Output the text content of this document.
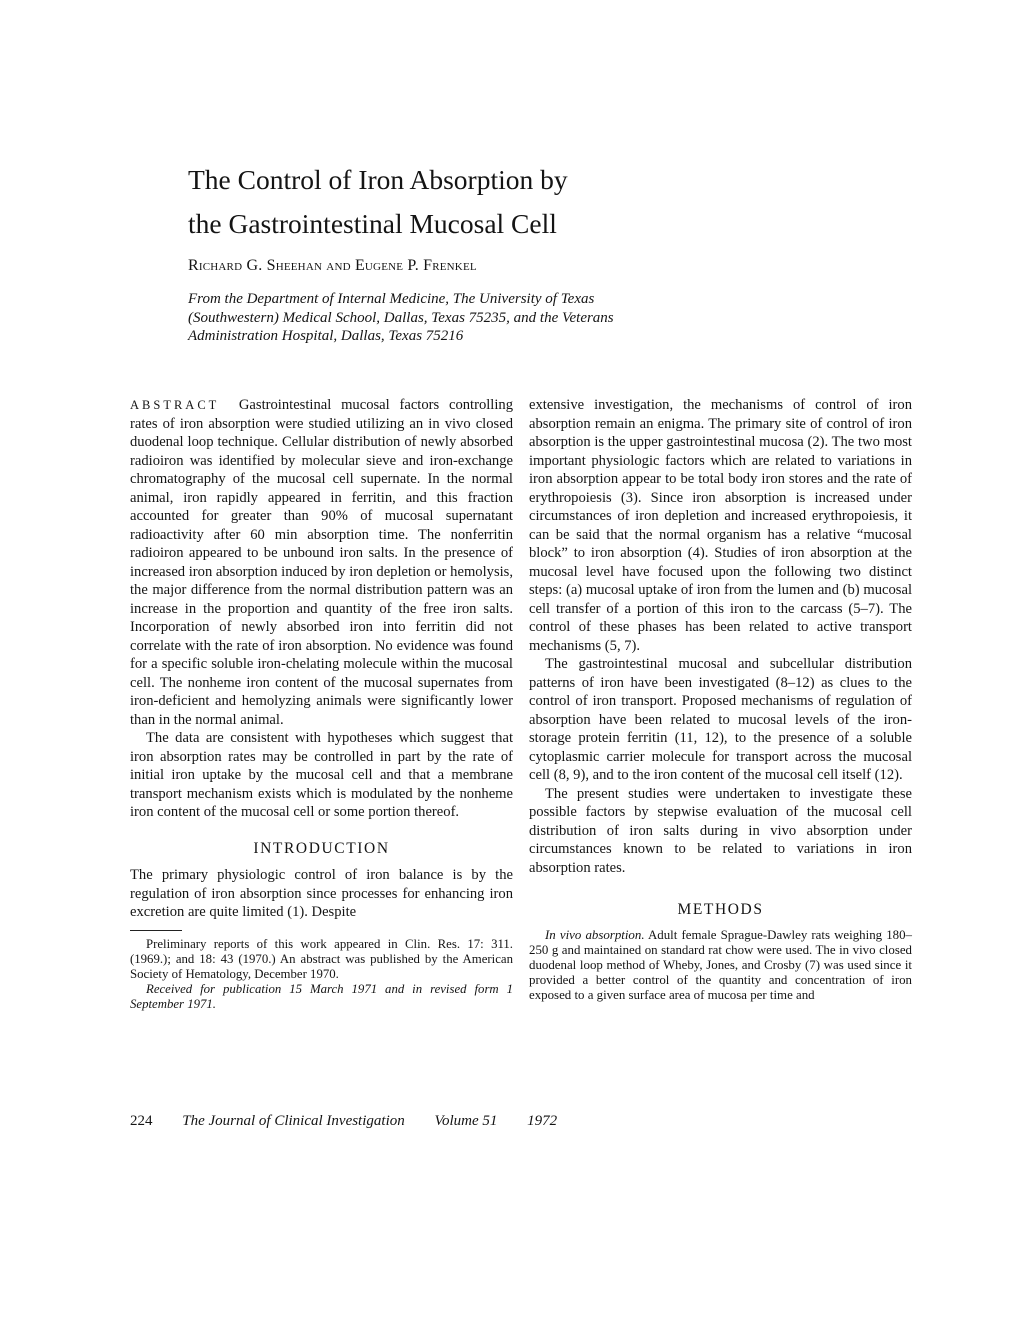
The Control of Iron Absorption by
the Gastrointestinal Mucosal Cell
Richard G. Sheehan and Eugene P. Frenkel
From the Department of Internal Medicine, The University of Texas (Southwestern) Medical School, Dallas, Texas 75235, and the Veterans Administration Hospital, Dallas, Texas 75216

ABSTRACT Gastrointestinal mucosal factors controlling rates of iron absorption were studied utilizing an in vivo closed duodenal loop technique. Cellular distribution of newly absorbed radioiron was identified by molecular sieve and iron-exchange chromatography of the mucosal cell supernate. In the normal animal, iron rapidly appeared in ferritin, and this fraction accounted for greater than 90% of mucosal supernatant radioactivity after 60 min absorption time. The nonferritin radioiron appeared to be unbound iron salts. In the presence of increased iron absorption induced by iron depletion or hemolysis, the major difference from the normal distribution pattern was an increase in the proportion and quantity of the free iron salts. Incorporation of newly absorbed iron into ferritin did not correlate with the rate of iron absorption. No evidence was found for a specific soluble iron-chelating molecule within the mucosal cell. The nonheme iron content of the mucosal supernates from iron-deficient and hemolyzing animals were significantly lower than in the normal animal.

The data are consistent with hypotheses which suggest that iron absorption rates may be controlled in part by the rate of initial iron uptake by the mucosal cell and that a membrane transport mechanism exists which is modulated by the nonheme iron content of the mucosal cell or some portion thereof.

INTRODUCTION

The primary physiologic control of iron balance is by the regulation of iron absorption since processes for enhancing iron excretion are quite limited (1). Despite

Preliminary reports of this work appeared in Clin. Res. 17: 311. (1969.); and 18: 43 (1970.) An abstract was published by the American Society of Hematology, December 1970.

Received for publication 15 March 1971 and in revised form 1 September 1971.

extensive investigation, the mechanisms of control of iron absorption remain an enigma. The primary site of control of iron absorption is the upper gastrointestinal mucosa (2). The two most important physiologic factors which are related to variations in iron absorption appear to be total body iron stores and the rate of erythropoiesis (3). Since iron absorption is increased under circumstances of iron depletion and increased erythropoiesis, it can be said that the normal organism has a relative “mucosal block” to iron absorption (4). Studies of iron absorption at the mucosal level have focused upon the following two distinct steps: (a) mucosal uptake of iron from the lumen and (b) mucosal cell transfer of a portion of this iron to the carcass (5–7). The control of these phases has been related to active transport mechanisms (5, 7).

The gastrointestinal mucosal and subcellular distribution patterns of iron have been investigated (8–12) as clues to the control of iron transport. Proposed mechanisms of regulation of absorption have been related to mucosal levels of the iron-storage protein ferritin (11, 12), to the presence of a soluble cytoplasmic carrier molecule for transport across the mucosal cell (8, 9), and to the iron content of the mucosal cell itself (12).

The present studies were undertaken to investigate these possible factors by stepwise evaluation of the mucosal cell distribution of iron salts during in vivo absorption under circumstances known to be related to variations in iron absorption rates.

METHODS

In vivo absorption. Adult female Sprague-Dawley rats weighing 180–250 g and maintained on standard rat chow were used. The in vivo closed duodenal loop method of Wheby, Jones, and Crosby (7) was used since it provided a better control of the quantity and concentration of iron exposed to a given surface area of mucosa per time and

224 The Journal of Clinical Investigation Volume 51 1972
